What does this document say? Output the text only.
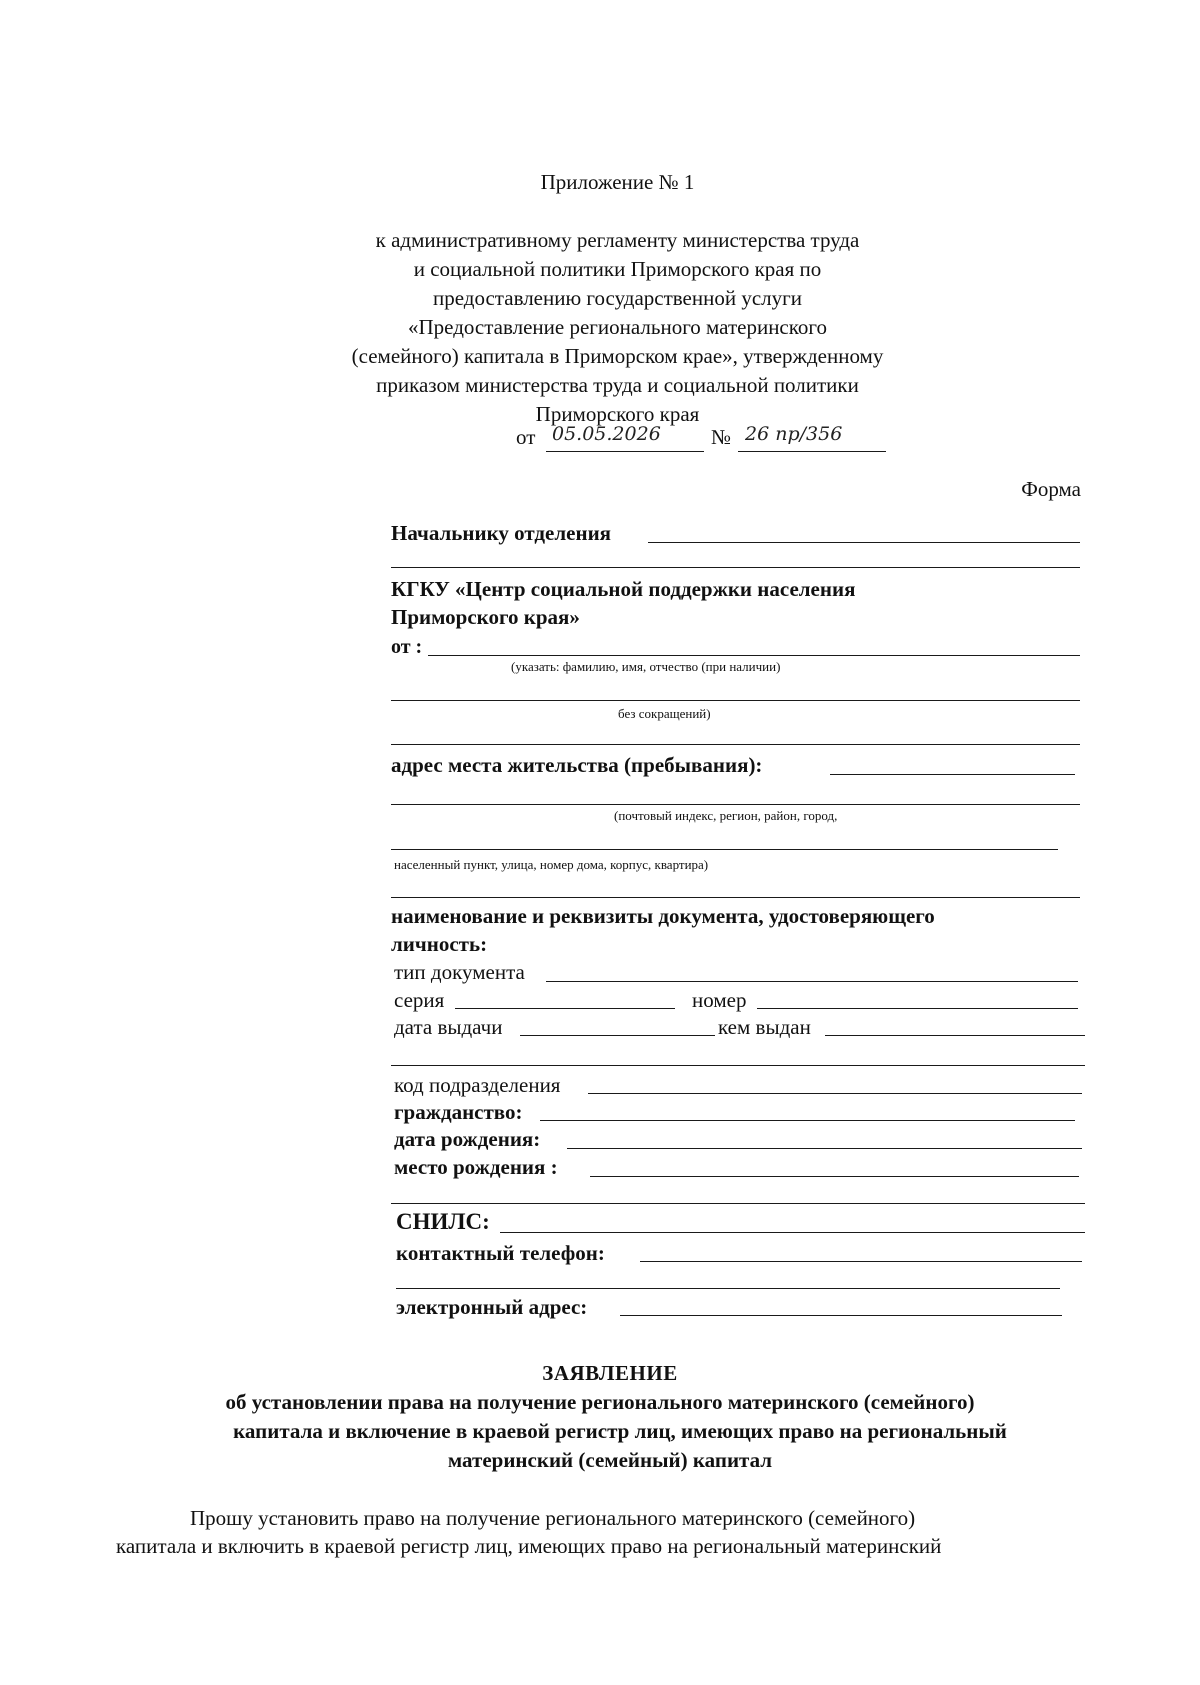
Приложение № 1
к административному регламенту министерства труда
и социальной политики Приморского края по
предоставлению государственной услуги
«Предоставление регионального материнского
(семейного) капитала в Приморском крае», утвержденному
приказом министерства труда и социальной политики
Приморского края
от 05.05.2026 № 26 пр/356
Форма
Начальнику отделения
КГКУ «Центр социальной поддержки населения
Приморского края»
от :
(указать: фамилию, имя, отчество (при наличии)
без сокращений)
адрес места жительства (пребывания):
(почтовый индекс, регион, район, город,
населенный пункт, улица, номер дома, корпус, квартира)
наименование и реквизиты документа, удостоверяющего
личность:
тип документа
серия	номер
дата выдачи	кем выдан
код подразделения
гражданство:
дата рождения:
место рождения :
СНИЛС:
контактный телефон:
электронный адрес:
ЗАЯВЛЕНИЕ
об установлении права на получение регионального материнского (семейного)
капитала и включение в краевой регистр лиц, имеющих право на региональный
материнский (семейный) капитал
Прошу установить право на получение регионального материнского (семейного)
капитала и включить в краевой регистр лиц, имеющих право на региональный материнский
